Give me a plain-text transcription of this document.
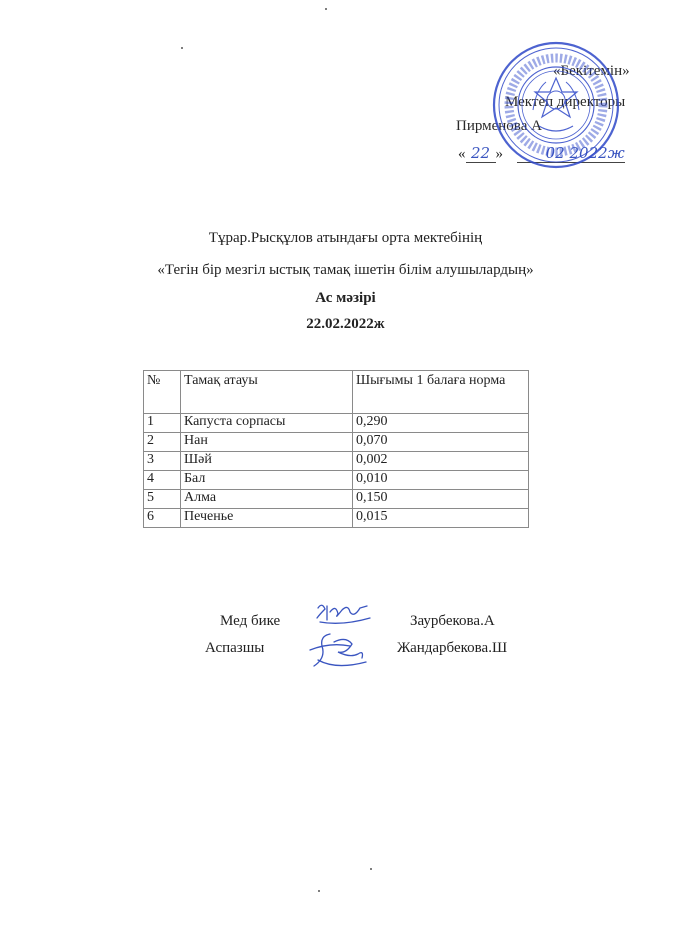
«Бекітемін»
Мектеп директоры
Пирменова А
« 22 »	02 2022ж
Тұрар.Рысқұлов атындағы орта мектебінің
«Тегін бір мезгіл ыстық тамақ ішетін білім алушылардың»
Ас мәзірі
22.02.2022ж
№	Тамақ атауы	Шығымы 1 балаға норма
1	Капуста сорпасы	0,290
2	Нан	0,070
3	Шәй	0,002
4	Бал	0,010
5	Алма	0,150
6	Печенье	0,015
Мед бике	Заурбекова.А
Аспазшы	Жандарбекова.Ш
